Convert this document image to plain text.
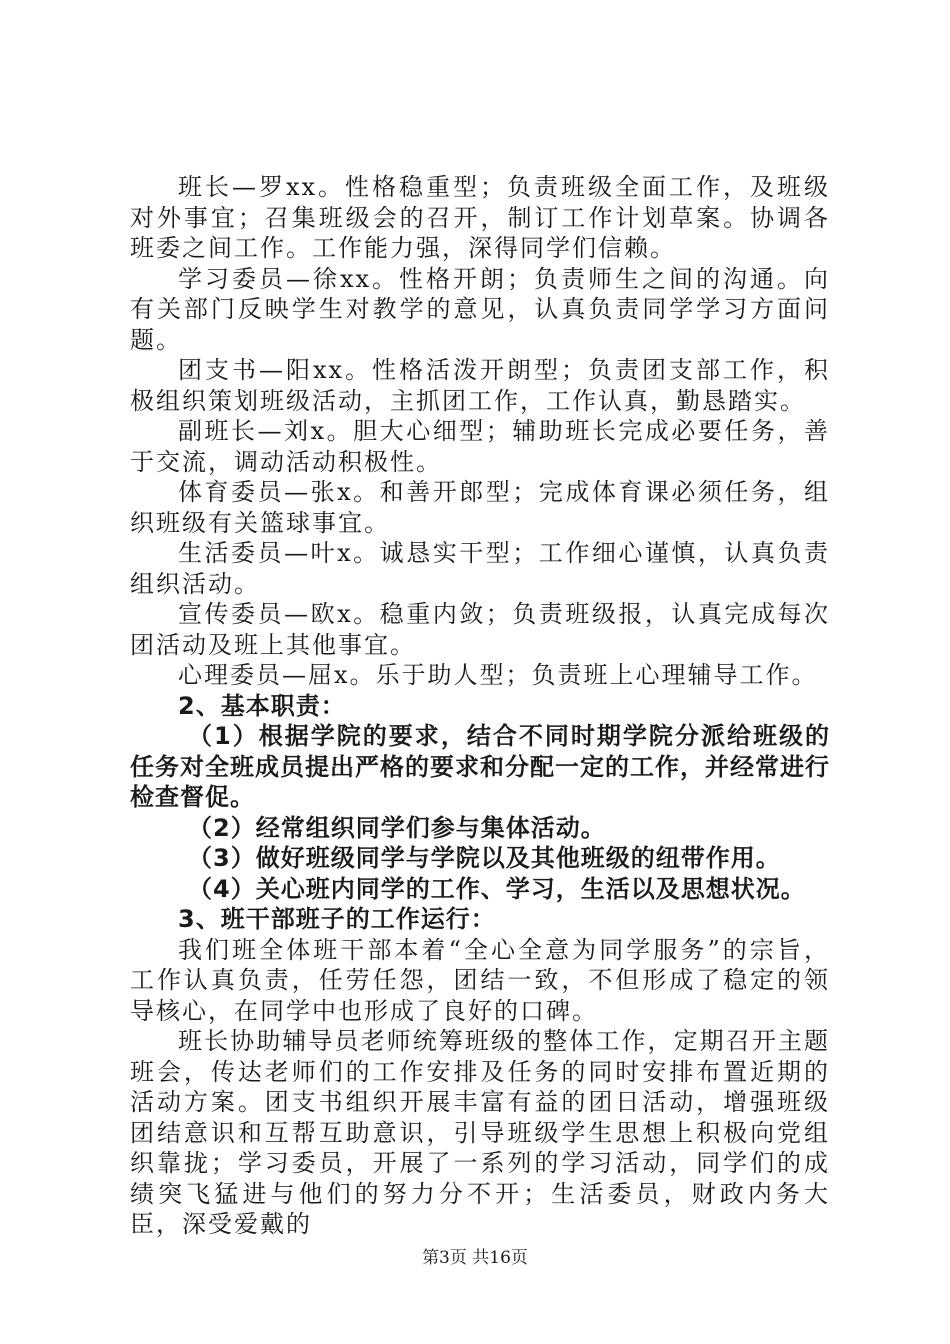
班长—罗xx。性格稳重型；负责班级全面工作，及班级对外事宜；召集班级会的召开，制订工作计划草案。协调各班委之间工作。工作能力强，深得同学们信赖。

学习委员—徐xx。性格开朗；负责师生之间的沟通。向有关部门反映学生对教学的意见，认真负责同学学习方面问题。

团支书—阳xx。性格活泼开朗型；负责团支部工作，积极组织策划班级活动，主抓团工作，工作认真，勤恳踏实。

副班长—刘x。胆大心细型；辅助班长完成必要任务，善于交流，调动活动积极性。

体育委员—张x。和善开郎型；完成体育课必须任务，组织班级有关篮球事宜。

生活委员—叶x。诚恳实干型；工作细心谨慎，认真负责组织活动。

宣传委员—欧x。稳重内敛；负责班级报，认真完成每次团活动及班上其他事宜。

心理委员—屈x。乐于助人型；负责班上心理辅导工作。

2、基本职责：

（1）根据学院的要求，结合不同时期学院分派给班级的任务对全班成员提出严格的要求和分配一定的工作，并经常进行检查督促。

（2）经常组织同学们参与集体活动。

（3）做好班级同学与学院以及其他班级的纽带作用。

（4）关心班内同学的工作、学习，生活以及思想状况。

3、班干部班子的工作运行：

我们班全体班干部本着“全心全意为同学服务”的宗旨，工作认真负责，任劳任怨，团结一致，不但形成了稳定的领导核心，在同学中也形成了良好的口碑。

班长协助辅导员老师统筹班级的整体工作，定期召开主题班会，传达老师们的工作安排及任务的同时安排布置近期的活动方案。团支书组织开展丰富有益的团日活动，增强班级团结意识和互帮互助意识，引导班级学生思想上积极向党组织靠拢；学习委员，开展了一系列的学习活动，同学们的成绩突飞猛进与他们的努力分不开；生活委员，财政内务大臣，深受爱戴的

第3页 共16页
